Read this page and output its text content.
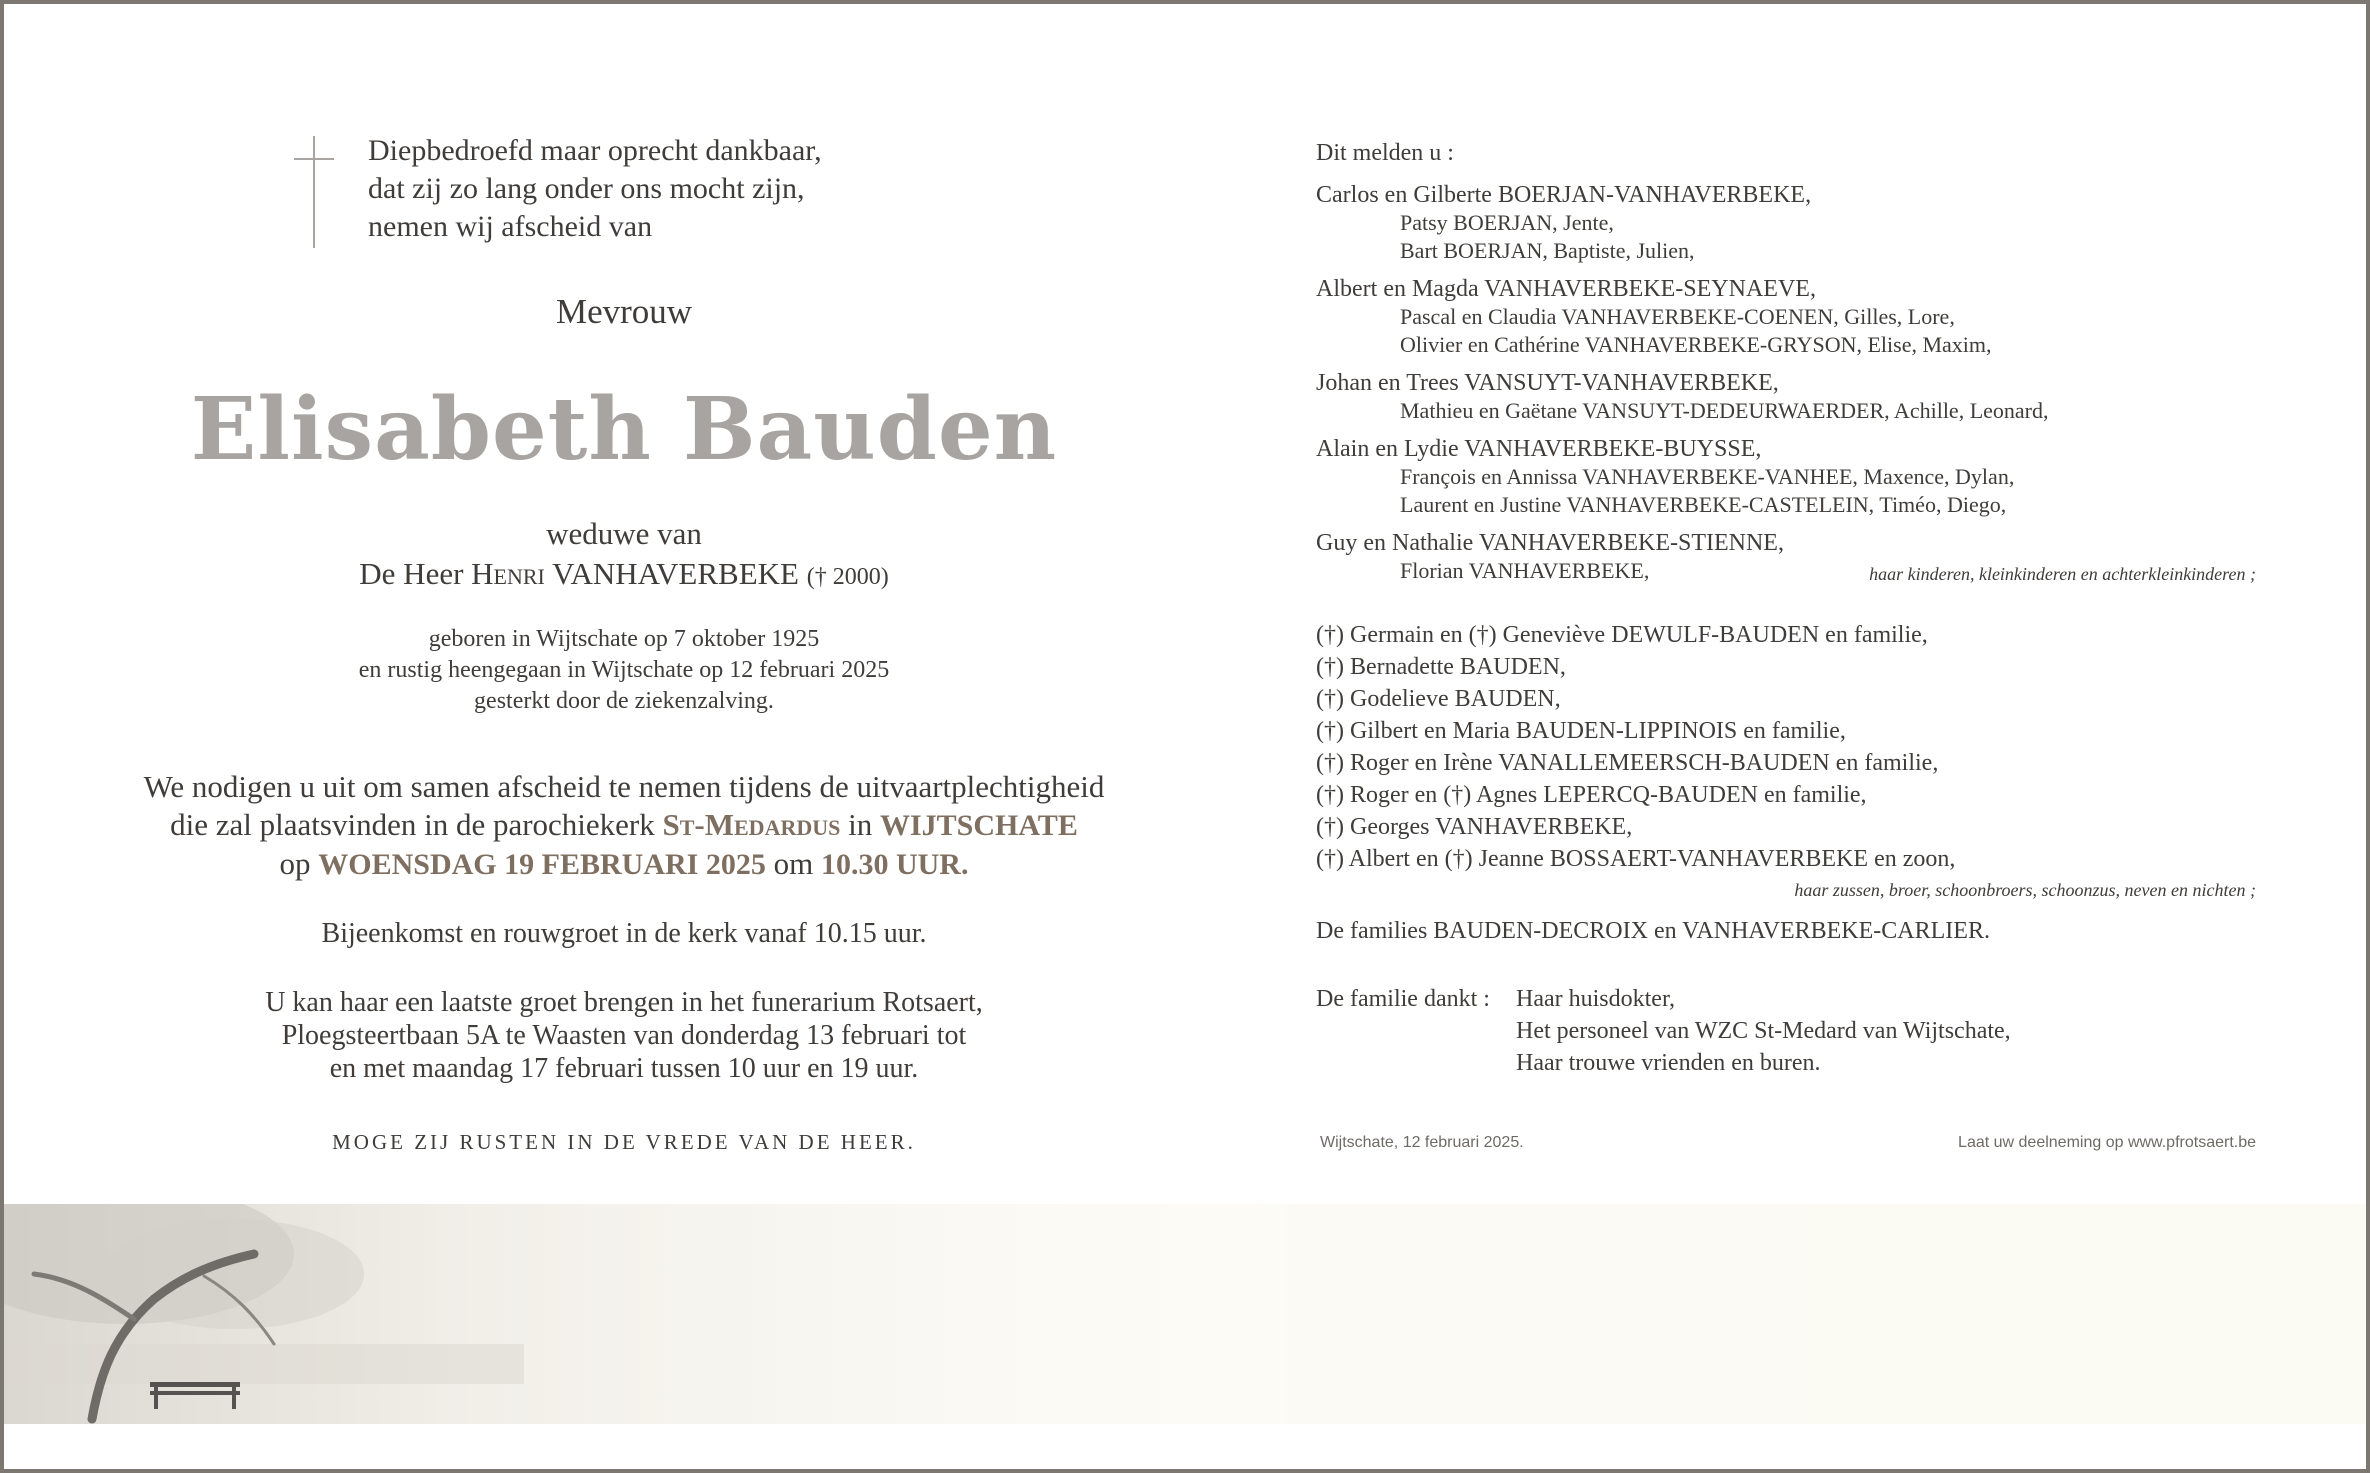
Diepbedroefd maar oprecht dankbaar,
dat zij zo lang onder ons mocht zijn,
nemen wij afscheid van
Mevrouw
Elisabeth Bauden
weduwe van
De Heer Henri VANHAVERBEKE († 2000)
geboren in Wijtschate op 7 oktober 1925
en rustig heengegaan in Wijtschate op 12 februari 2025
gesterkt door de ziekenzalving.
We nodigen u uit om samen afscheid te nemen tijdens de uitvaartplechtigheid
die zal plaatsvinden in de parochiekerk St-Medardus in WIJTSCHATE
op WOENSDAG 19 FEBRUARI 2025 om 10.30 UUR.
Bijeenkomst en rouwgroet in de kerk vanaf 10.15 uur.
U kan haar een laatste groet brengen in het funerarium Rotsaert,
Ploegsteertbaan 5A te Waasten van donderdag 13 februari tot
en met maandag 17 februari tussen 10 uur en 19 uur.
MOGE ZIJ RUSTEN IN DE VREDE VAN DE HEER.
Dit melden u :
Carlos en Gilberte BOERJAN-VANHAVERBEKE,
Patsy BOERJAN, Jente,
Bart BOERJAN, Baptiste, Julien,
Albert en Magda VANHAVERBEKE-SEYNAEVE,
Pascal en Claudia VANHAVERBEKE-COENEN, Gilles, Lore,
Olivier en Cathérine VANHAVERBEKE-GRYSON, Elise, Maxim,
Johan en Trees VANSUYT-VANHAVERBEKE,
Mathieu en Gaëtane VANSUYT-DEDEURWAERDER, Achille, Leonard,
Alain en Lydie VANHAVERBEKE-BUYSSE,
François en Annissa VANHAVERBEKE-VANHEE, Maxence, Dylan,
Laurent en Justine VANHAVERBEKE-CASTELEIN, Timéo, Diego,
Guy en Nathalie VANHAVERBEKE-STIENNE,
Florian VANHAVERBEKE,	haar kinderen, kleinkinderen en achterkleinkinderen ;
(†) Germain en (†) Geneviève DEWULF-BAUDEN en familie,
(†) Bernadette BAUDEN,
(†) Godelieve BAUDEN,
(†) Gilbert en Maria BAUDEN-LIPPINOIS en familie,
(†) Roger en Irène VANALLEMEERSCH-BAUDEN en familie,
(†) Roger en (†) Agnes LEPERCQ-BAUDEN en familie,
(†) Georges VANHAVERBEKE,
(†) Albert en (†) Jeanne BOSSAERT-VANHAVERBEKE en zoon,
haar zussen, broer, schoonbroers, schoonzus, neven en nichten ;
De families BAUDEN-DECROIX en VANHAVERBEKE-CARLIER.
De familie dankt : Haar huisdokter,
Het personeel van WZC St-Medard van Wijtschate,
Haar trouwe vrienden en buren.
Wijtschate, 12 februari 2025.	Laat uw deelneming op www.pfrotsaert.be
